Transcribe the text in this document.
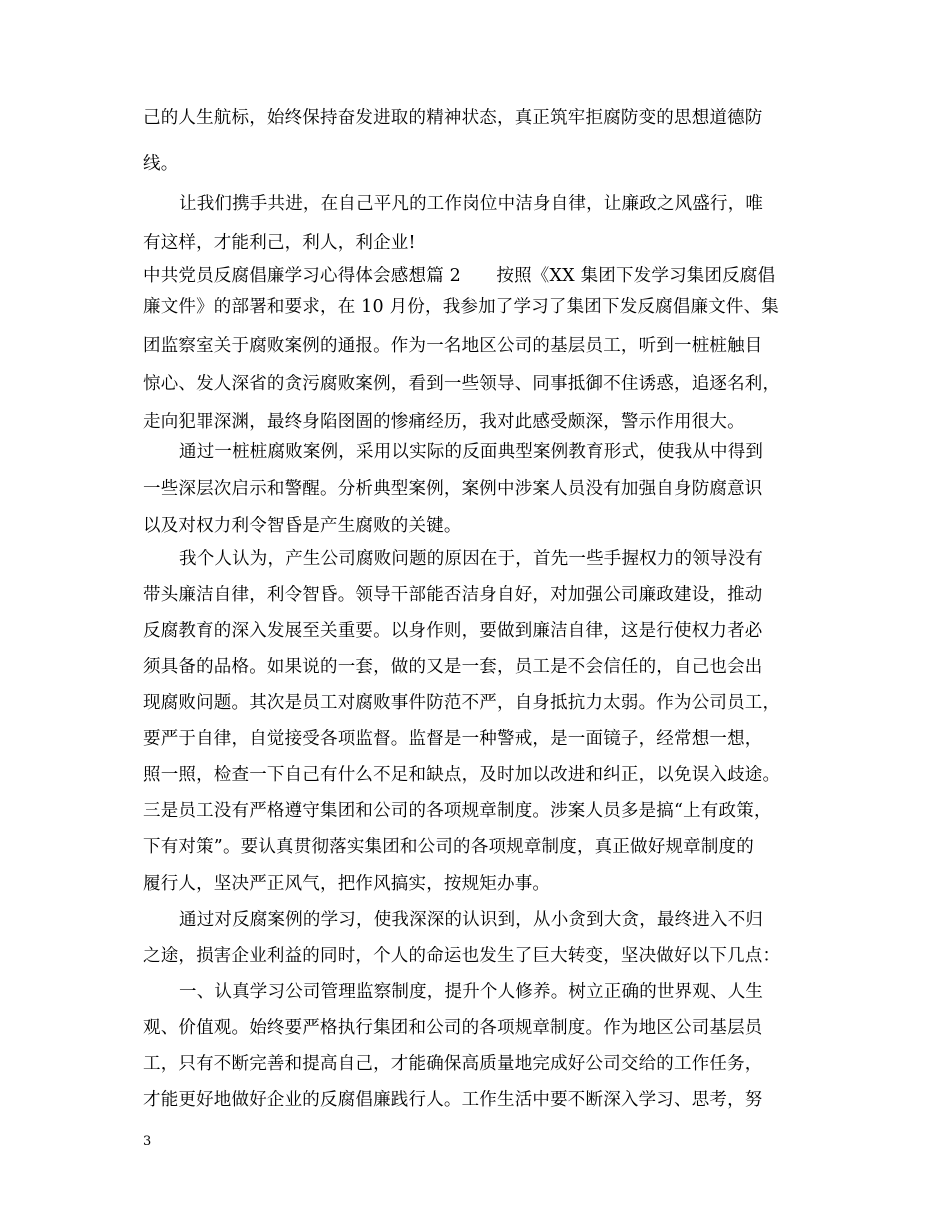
己的人生航标，始终保持奋发进取的精神状态，真正筑牢拒腐防变的思想道德防

线。

让我们携手共进，在自己平凡的工作岗位中洁身自律，让廉政之风盛行，唯

有这样，才能利己，利人，利企业!

中共党员反腐倡廉学习心得体会感想篇 2　　按照《XX 集团下发学习集团反腐倡

廉文件》的部署和要求，在 10 月份，我参加了学习了集团下发反腐倡廉文件、集

团监察室关于腐败案例的通报。作为一名地区公司的基层员工，听到一桩桩触目

惊心、发人深省的贪污腐败案例，看到一些领导、同事抵御不住诱惑，追逐名利，

走向犯罪深渊，最终身陷囹圄的惨痛经历，我对此感受颇深，警示作用很大。

通过一桩桩腐败案例，采用以实际的反面典型案例教育形式，使我从中得到

一些深层次启示和警醒。分析典型案例，案例中涉案人员没有加强自身防腐意识

以及对权力利令智昏是产生腐败的关键。

我个人认为，产生公司腐败问题的原因在于，首先一些手握权力的领导没有

带头廉洁自律，利令智昏。领导干部能否洁身自好，对加强公司廉政建设，推动

反腐教育的深入发展至关重要。以身作则，要做到廉洁自律，这是行使权力者必

须具备的品格。如果说的一套，做的又是一套，员工是不会信任的，自己也会出

现腐败问题。其次是员工对腐败事件防范不严，自身抵抗力太弱。作为公司员工，

要严于自律，自觉接受各项监督。监督是一种警戒，是一面镜子，经常想一想，

照一照，检查一下自己有什么不足和缺点，及时加以改进和纠正，以免误入歧途。

三是员工没有严格遵守集团和公司的各项规章制度。涉案人员多是搞“上有政策，

下有对策”。要认真贯彻落实集团和公司的各项规章制度，真正做好规章制度的

履行人，坚决严正风气，把作风搞实，按规矩办事。

通过对反腐案例的学习，使我深深的认识到，从小贪到大贪，最终进入不归

之途，损害企业利益的同时，个人的命运也发生了巨大转变，坚决做好以下几点：

一、认真学习公司管理监察制度，提升个人修养。树立正确的世界观、人生

观、价值观。始终要严格执行集团和公司的各项规章制度。作为地区公司基层员

工，只有不断完善和提高自己，才能确保高质量地完成好公司交给的工作任务，

才能更好地做好企业的反腐倡廉践行人。工作生活中要不断深入学习、思考，努

3
